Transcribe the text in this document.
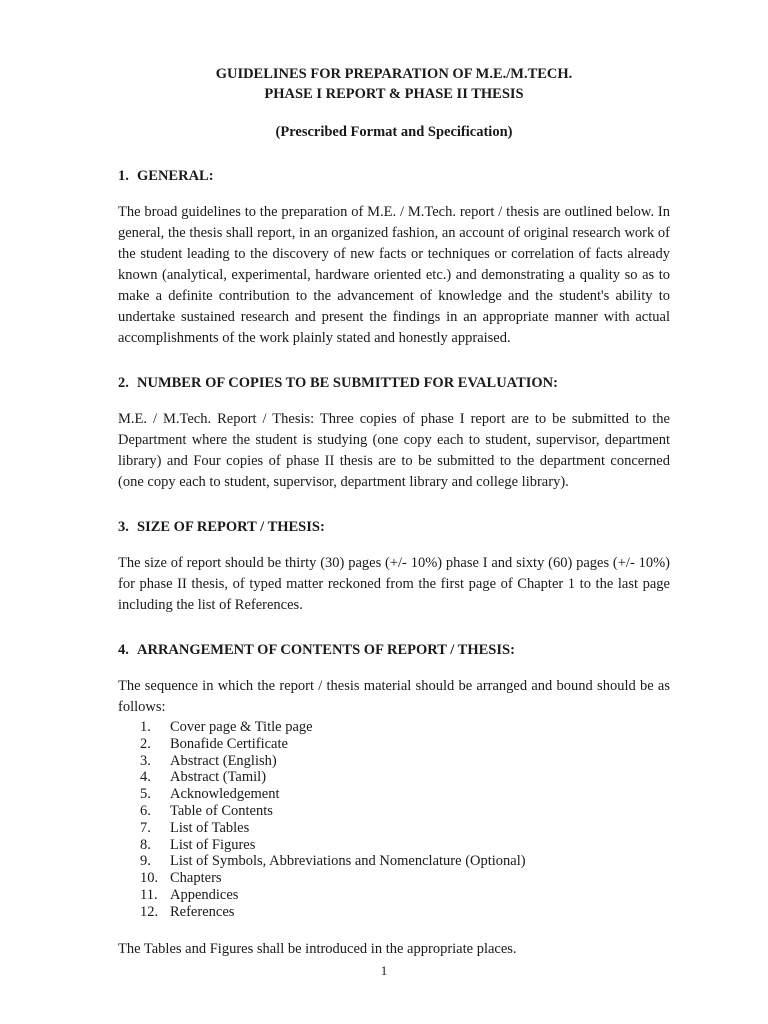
GUIDELINES FOR PREPARATION OF M.E./M.TECH.

PHASE I REPORT & PHASE II THESIS

(Prescribed Format and Specification)

1. GENERAL:

The broad guidelines to the preparation of M.E. / M.Tech. report / thesis are outlined below. In general, the thesis shall report, in an organized fashion, an account of original research work of the student leading to the discovery of new facts or techniques or correlation of facts already known (analytical, experimental, hardware oriented etc.) and demonstrating a quality so as to make a definite contribution to the advancement of knowledge and the student's ability to undertake sustained research and present the findings in an appropriate manner with actual accomplishments of the work plainly stated and honestly appraised.

2. NUMBER OF COPIES TO BE SUBMITTED FOR EVALUATION:

M.E. / M.Tech. Report / Thesis: Three copies of phase I report are to be submitted to the Department where the student is studying (one copy each to student, supervisor, department library) and Four copies of phase II thesis are to be submitted to the department concerned (one copy each to student, supervisor, department library and college library).

3. SIZE OF REPORT / THESIS:

The size of report should be thirty (30) pages (+/- 10%) phase I and sixty (60) pages (+/- 10%) for phase II thesis, of typed matter reckoned from the first page of Chapter 1 to the last page including the list of References.

4. ARRANGEMENT OF CONTENTS OF REPORT / THESIS:

The sequence in which the report / thesis material should be arranged and bound should be as follows:

1.	Cover page & Title page
2.	Bonafide Certificate
3.	Abstract (English)
4.	Abstract (Tamil)
5.	Acknowledgement
6.	Table of Contents
7.	List of Tables
8.	List of Figures
9.	List of Symbols, Abbreviations and Nomenclature (Optional)
10. Chapters
11. Appendices
12. References

The Tables and Figures shall be introduced in the appropriate places.

1
